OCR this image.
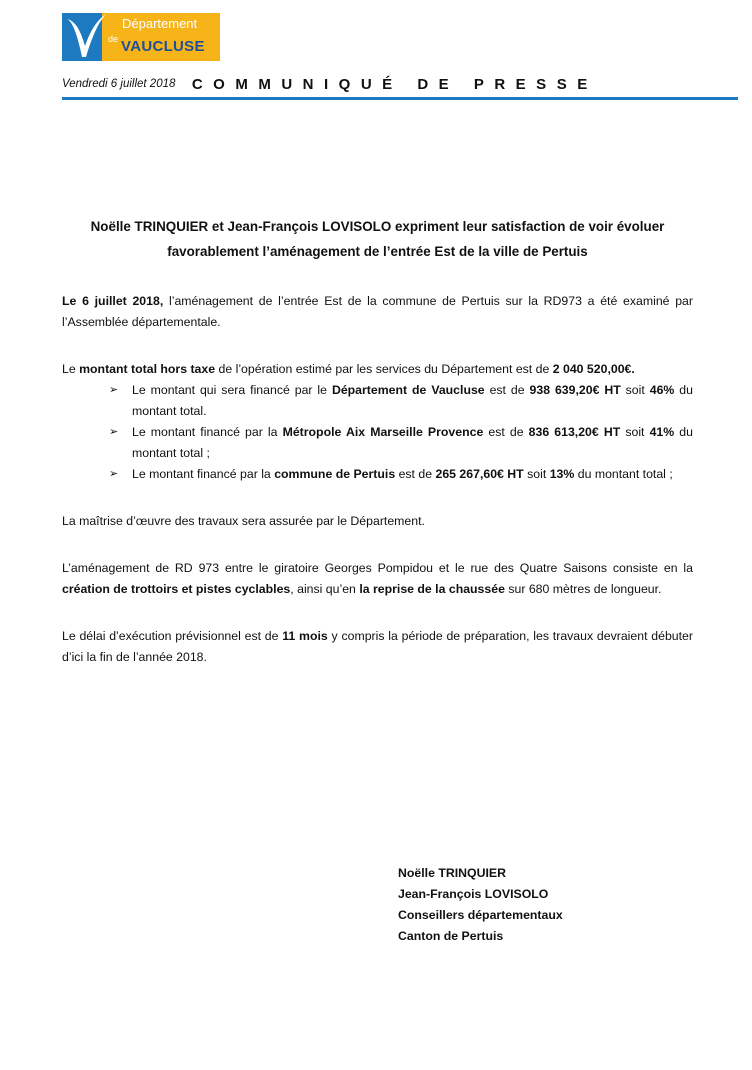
de
Département
VAUCLUSE
Vendredi 6 juillet 2018 COMMUNIQUÉ DE PRESSE

Noëlle TRINQUIER et Jean-François LOVISOLO expriment leur satisfaction de voir évoluer favorablement l’aménagement de l’entrée Est de la ville de Pertuis

Le 6 juillet 2018, l’aménagement de l’entrée Est de la commune de Pertuis sur la RD973 a été examiné par l’Assemblée départementale.

Le montant total hors taxe de l’opération estimé par les services du Département est de 2 040 520,00€.

➢ Le montant qui sera financé par le Département de Vaucluse est de 938 639,20€ HT soit 46% du montant total.
➢ Le montant financé par la Métropole Aix Marseille Provence est de 836 613,20€ HT soit 41% du montant total ;
➢ Le montant financé par la commune de Pertuis est de 265 267,60€ HT soit 13% du montant total ;

La maîtrise d’œuvre des travaux sera assurée par le Département.

L’aménagement de RD 973 entre le giratoire Georges Pompidou et le rue des Quatre Saisons consiste en la création de trottoirs et pistes cyclables, ainsi qu’en la reprise de la chaussée sur 680 mètres de longueur.

Le délai d’exécution prévisionnel est de 11 mois y compris la période de préparation, les travaux devraient débuter d’ici la fin de l’année 2018.

Noëlle TRINQUIER
Jean-François LOVISOLO
Conseillers départementaux
Canton de Pertuis
